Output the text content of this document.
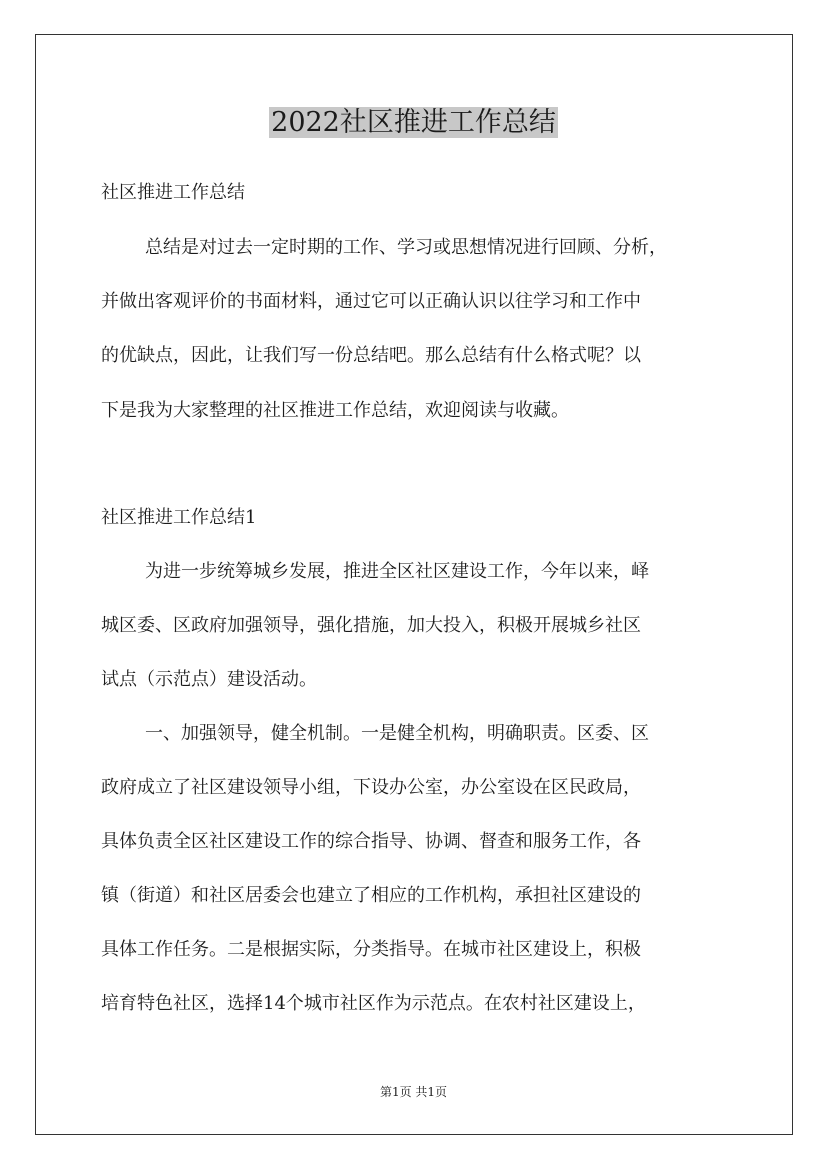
2022社区推进工作总结
社区推进工作总结
总结是对过去一定时期的工作、学习或思想情况进行回顾、分析，
并做出客观评价的书面材料，通过它可以正确认识以往学习和工作中
的优缺点，因此，让我们写一份总结吧。那么总结有什么格式呢？以
下是我为大家整理的社区推进工作总结，欢迎阅读与收藏。
社区推进工作总结1
为进一步统筹城乡发展，推进全区社区建设工作，今年以来，峄
城区委、区政府加强领导，强化措施，加大投入，积极开展城乡社区
试点（示范点）建设活动。
一、加强领导，健全机制。一是健全机构，明确职责。区委、区
政府成立了社区建设领导小组，下设办公室，办公室设在区民政局，
具体负责全区社区建设工作的综合指导、协调、督查和服务工作，各
镇（街道）和社区居委会也建立了相应的工作机构，承担社区建设的
具体工作任务。二是根据实际，分类指导。在城市社区建设上，积极
培育特色社区，选择14个城市社区作为示范点。在农村社区建设上，
第1页 共1页
